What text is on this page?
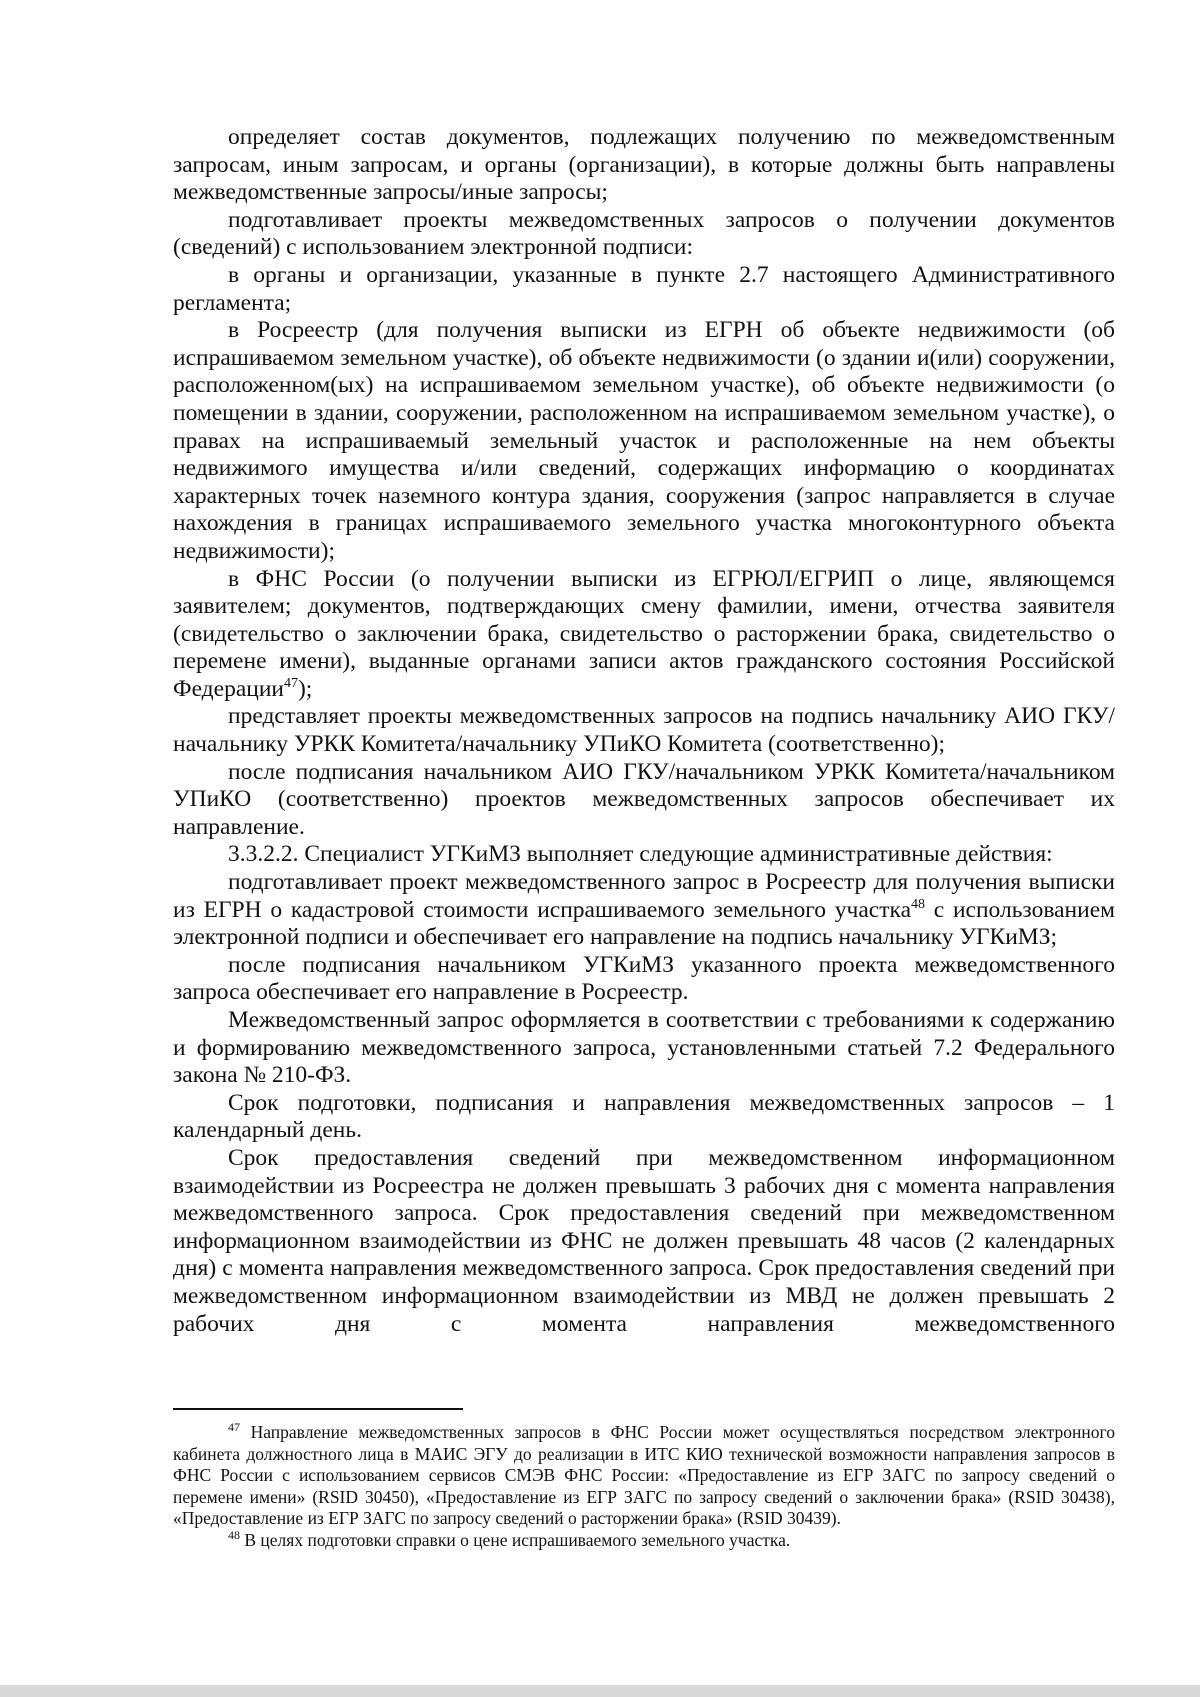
определяет состав документов, подлежащих получению по межведомственным запросам, иным запросам, и органы (организации), в которые должны быть направлены межведомственные запросы/иные запросы;

подготавливает проекты межведомственных запросов о получении документов (сведений) с использованием электронной подписи:

в органы и организации, указанные в пункте 2.7 настоящего Административного регламента;

в Росреестр (для получения выписки из ЕГРН об объекте недвижимости (об испрашиваемом земельном участке), об объекте недвижимости (о здании и(или) сооружении, расположенном(ых) на испрашиваемом земельном участке), об объекте недвижимости (о помещении в здании, сооружении, расположенном на испрашиваемом земельном участке), о правах на испрашиваемый земельный участок и расположенные на нем объекты недвижимого имущества и/или сведений, содержащих информацию о координатах характерных точек наземного контура здания, сооружения (запрос направляется в случае нахождения в границах испрашиваемого земельного участка многоконтурного объекта недвижимости);

в ФНС России (о получении выписки из ЕГРЮЛ/ЕГРИП о лице, являющемся заявителем; документов, подтверждающих смену фамилии, имени, отчества заявителя (свидетельство о заключении брака, свидетельство о расторжении брака, свидетельство о перемене имени), выданные органами записи актов гражданского состояния Российской Федерации$^{47}$);

представляет проекты межведомственных запросов на подпись начальнику АИО ГКУ/начальнику УРКК Комитета/начальнику УПиКО Комитета (соответственно);

после подписания начальником АИО ГКУ/начальником УРКК Комитета/начальником УПиКО (соответственно) проектов межведомственных запросов обеспечивает их направление.

3.3.2.2. Специалист УГКиМЗ выполняет следующие административные действия:

подготавливает проект межведомственного запрос в Росреестр для получения выписки из ЕГРН о кадастровой стоимости испрашиваемого земельного участка$^{48}$ с использованием электронной подписи и обеспечивает его направление на подпись начальнику УГКиМЗ;

после подписания начальником УГКиМЗ указанного проекта межведомственного запроса обеспечивает его направление в Росреестр.

Межведомственный запрос оформляется в соответствии с требованиями к содержанию и формированию межведомственного запроса, установленными статьей 7.2 Федерального закона № 210-ФЗ.

Срок подготовки, подписания и направления межведомственных запросов – 1 календарный день.

Срок предоставления сведений при межведомственном информационном взаимодействии из Росреестра не должен превышать 3 рабочих дня с момента направления межведомственного запроса. Срок предоставления сведений при межведомственном информационном взаимодействии из ФНС не должен превышать 48 часов (2 календарных дня) с момента направления межведомственного запроса. Срок предоставления сведений при межведомственном информационном взаимодействии из МВД не должен превышать 2 рабочих дня с момента направления межведомственного

$^{47}$ Направление межведомственных запросов в ФНС России может осуществляться посредством электронного кабинета должностного лица в МАИС ЭГУ до реализации в ИТС КИО технической возможности направления запросов в ФНС России с использованием сервисов СМЭВ ФНС России: «Предоставление из ЕГР ЗАГС по запросу сведений о перемене имени» (RSID 30450), «Предоставление из ЕГР ЗАГС по запросу сведений о заключении брака» (RSID 30438), «Предоставление из ЕГР ЗАГС по запросу сведений о расторжении брака» (RSID 30439).

$^{48}$ В целях подготовки справки о цене испрашиваемого земельного участка.
